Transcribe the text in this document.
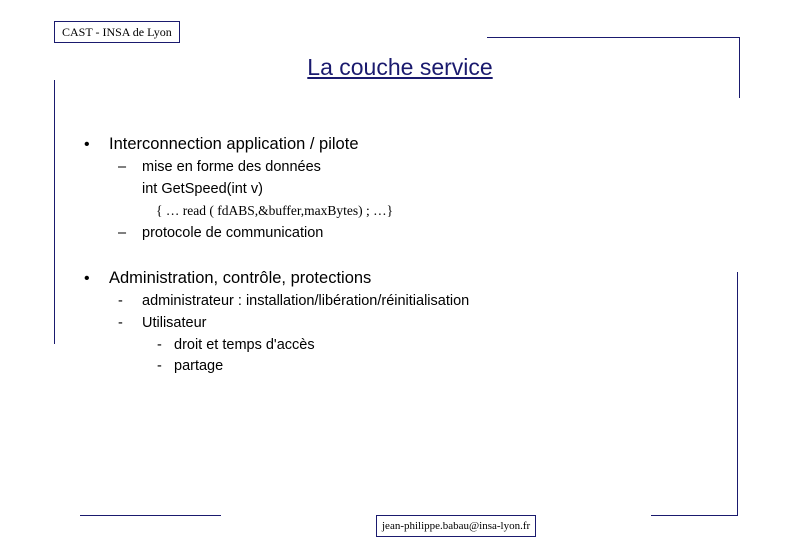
CAST - INSA de Lyon
La couche service
• Interconnection application / pilote
– mise en forme des données
int GetSpeed(int v)
{ … read ( fdABS,&buffer,maxBytes) ; …}
– protocole de communication
• Administration, contrôle, protections
- administrateur : installation/libération/réinitialisation
- Utilisateur
- droit et temps d'accès
- partage
jean-philippe.babau@insa-lyon.fr
